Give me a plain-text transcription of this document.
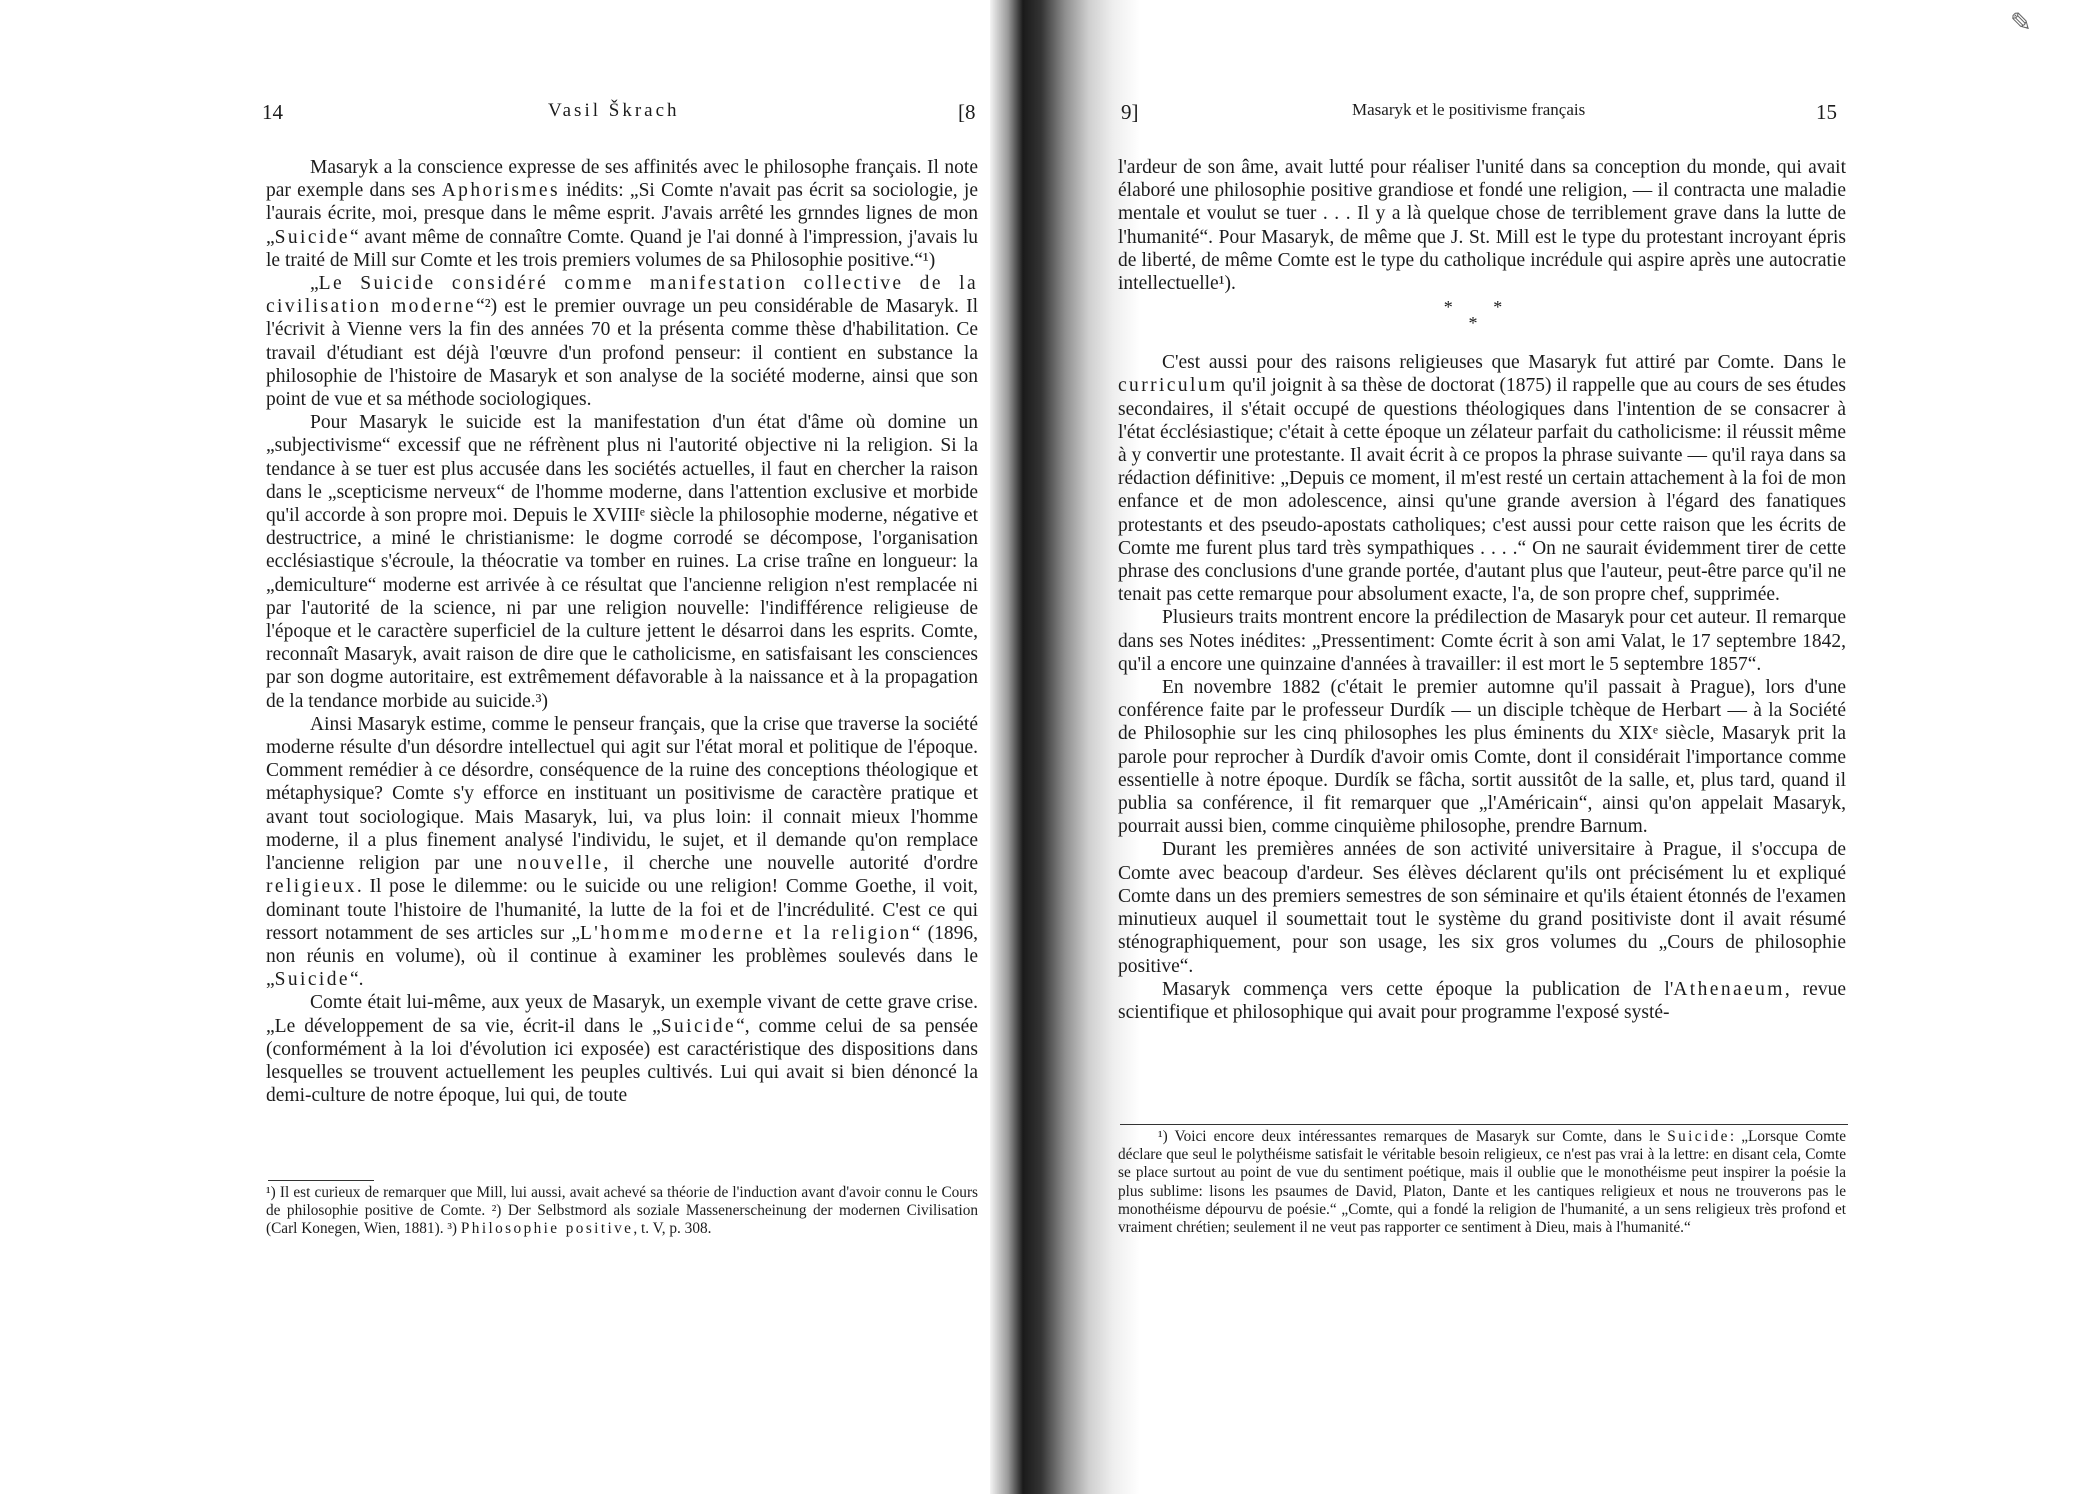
14	Vasil Škrach	[8

Masaryk a la conscience expresse de ses affinités avec le philosophe français. Il note par exemple dans ses Aphorismes inédits: „Si Comte n'avait pas écrit sa sociologie, je l'aurais écrite, moi, presque dans le même esprit. J'avais arrêté les grnndes lignes de mon „Suicide“ avant même de connaître Comte. Quand je l'ai donné à l'impression, j'avais lu le traité de Mill sur Comte et les trois premiers volumes de sa Philosophie positive.“¹)

„Le Suicide considéré comme manifestation collective de la civilisation moderne“²) est le premier ouvrage un peu considérable de Masaryk. Il l'écrivit à Vienne vers la fin des années 70 et la présenta comme thèse d'habilitation. Ce travail d'étudiant est déjà l'œuvre d'un profond penseur: il contient en substance la philosophie de l'histoire de Masaryk et son analyse de la société moderne, ainsi que son point de vue et sa méthode sociologiques.

Pour Masaryk le suicide est la manifestation d'un état d'âme où domine un „subjectivisme“ excessif que ne réfrènent plus ni l'autorité objective ni la religion. Si la tendance à se tuer est plus accusée dans les sociétés actuelles, il faut en chercher la raison dans le „scepticisme nerveux“ de l'homme moderne, dans l'attention exclusive et morbide qu'il accorde à son propre moi. Depuis le XVIIIᵉ siècle la philosophie moderne, négative et destructrice, a miné le christianisme: le dogme corrodé se décompose, l'organisation ecclésiastique s'écroule, la théocratie va tomber en ruines. La crise traîne en longueur: la „demiculture“ moderne est arrivée à ce résultat que l'ancienne religion n'est remplacée ni par l'autorité de la science, ni par une religion nouvelle: l'indifférence religieuse de l'époque et le caractère superficiel de la culture jettent le désarroi dans les esprits. Comte, reconnaît Masaryk, avait raison de dire que le catholicisme, en satisfaisant les consciences par son dogme autoritaire, est extrêmement défavorable à la naissance et à la propagation de la tendance morbide au suicide.³)

Ainsi Masaryk estime, comme le penseur français, que la crise que traverse la société moderne résulte d'un désordre intellectuel qui agit sur l'état moral et politique de l'époque. Comment remédier à ce désordre, conséquence de la ruine des conceptions théologique et métaphysique? Comte s'y efforce en instituant un positivisme de caractère pratique et avant tout sociologique. Mais Masaryk, lui, va plus loin: il connait mieux l'homme moderne, il a plus finement analysé l'individu, le sujet, et il demande qu'on remplace l'ancienne religion par une nouvelle, il cherche une nouvelle autorité d'ordre religieux. Il pose le dilemme: ou le suicide ou une religion! Comme Goethe, il voit, dominant toute l'histoire de l'humanité, la lutte de la foi et de l'incrédulité. C'est ce qui ressort notamment de ses articles sur „L'homme moderne et la religion“ (1896, non réunis en volume), où il continue à examiner les problèmes soulevés dans le „Suicide“.

Comte était lui-même, aux yeux de Masaryk, un exemple vivant de cette grave crise. „Le développement de sa vie, écrit-il dans le „Suicide“, comme celui de sa pensée (conformément à la loi d'évolution ici exposée) est caractéristique des dispositions dans lesquelles se trouvent actuellement les peuples cultivés. Lui qui avait si bien dénoncé la demi-culture de notre époque, lui qui, de toute

¹) Il est curieux de remarquer que Mill, lui aussi, avait achevé sa théorie de l'induction avant d'avoir connu le Cours de philosophie positive de Comte. ²) Der Selbstmord als soziale Massenerscheinung der modernen Civilisation (Carl Konegen, Wien, 1881). ³) Philosophie positive, t. V, p. 308.

9]	Masaryk et le positivisme français	15

l'ardeur de son âme, avait lutté pour réaliser l'unité dans sa conception du monde, qui avait élaboré une philosophie positive grandiose et fondé une religion, — il contracta une maladie mentale et voulut se tuer . . . Il y a là quelque chose de terriblement grave dans la lutte de l'humanité“. Pour Masaryk, de même que J. St. Mill est le type du protestant incroyant épris de liberté, de même Comte est le type du catholique incrédule qui aspire après une autocratie intellectuelle¹).

* *
*

C'est aussi pour des raisons religieuses que Masaryk fut attiré par Comte. Dans le curriculum qu'il joignit à sa thèse de doctorat (1875) il rappelle que au cours de ses études secondaires, il s'était occupé de questions théologiques dans l'intention de se consacrer à l'état écclésiastique; c'était à cette époque un zélateur parfait du catholicisme: il réussit même à y convertir une protestante. Il avait écrit à ce propos la phrase suivante — qu'il raya dans sa rédaction définitive: „Depuis ce moment, il m'est resté un certain attachement à la foi de mon enfance et de mon adolescence, ainsi qu'une grande aversion à l'égard des fanatiques protestants et des pseudo-apostats catholiques; c'est aussi pour cette raison que les écrits de Comte me furent plus tard très sympathiques . . . .“ On ne saurait évidemment tirer de cette phrase des conclusions d'une grande portée, d'autant plus que l'auteur, peut-être parce qu'il ne tenait pas cette remarque pour absolument exacte, l'a, de son propre chef, supprimée.

Plusieurs traits montrent encore la prédilection de Masaryk pour cet auteur. Il remarque dans ses Notes inédites: „Pressentiment: Comte écrit à son ami Valat, le 17 septembre 1842, qu'il a encore une quinzaine d'années à travailler: il est mort le 5 septembre 1857“.

En novembre 1882 (c'était le premier automne qu'il passait à Prague), lors d'une conférence faite par le professeur Durdík — un disciple tchèque de Herbart — à la Société de Philosophie sur les cinq philosophes les plus éminents du XIXᵉ siècle, Masaryk prit la parole pour reprocher à Durdík d'avoir omis Comte, dont il considérait l'importance comme essentielle à notre époque. Durdík se fâcha, sortit aussitôt de la salle, et, plus tard, quand il publia sa conférence, il fit remarquer que „l'Américain“, ainsi qu'on appelait Masaryk, pourrait aussi bien, comme cinquième philosophe, prendre Barnum.

Durant les premières années de son activité universitaire à Prague, il s'occupa de Comte avec beacoup d'ardeur. Ses élèves déclarent qu'ils ont précisément lu et expliqué Comte dans un des premiers semestres de son séminaire et qu'ils étaient étonnés de l'examen minutieux auquel il soumettait tout le système du grand positiviste dont il avait résumé sténographiquement, pour son usage, les six gros volumes du „Cours de philosophie positive“.

Masaryk commença vers cette époque la publication de l'Athenaeum, revue scientifique et philosophique qui avait pour programme l'exposé systé-

¹) Voici encore deux intéressantes remarques de Masaryk sur Comte, dans le Suicide: „Lorsque Comte déclare que seul le polythéisme satisfait le véritable besoin religieux, ce n'est pas vrai à la lettre: en disant cela, Comte se place surtout au point de vue du sentiment poétique, mais il oublie que le monothéisme peut inspirer la poésie la plus sublime: lisons les psaumes de David, Platon, Dante et les cantiques religieux et nous ne trouverons pas le monothéisme dépourvu de poésie.“ „Comte, qui a fondé la religion de l'humanité, a un sens religieux très profond et vraiment chrétien; seulement il ne veut pas rapporter ce sentiment à Dieu, mais à l'humanité.“

✎
